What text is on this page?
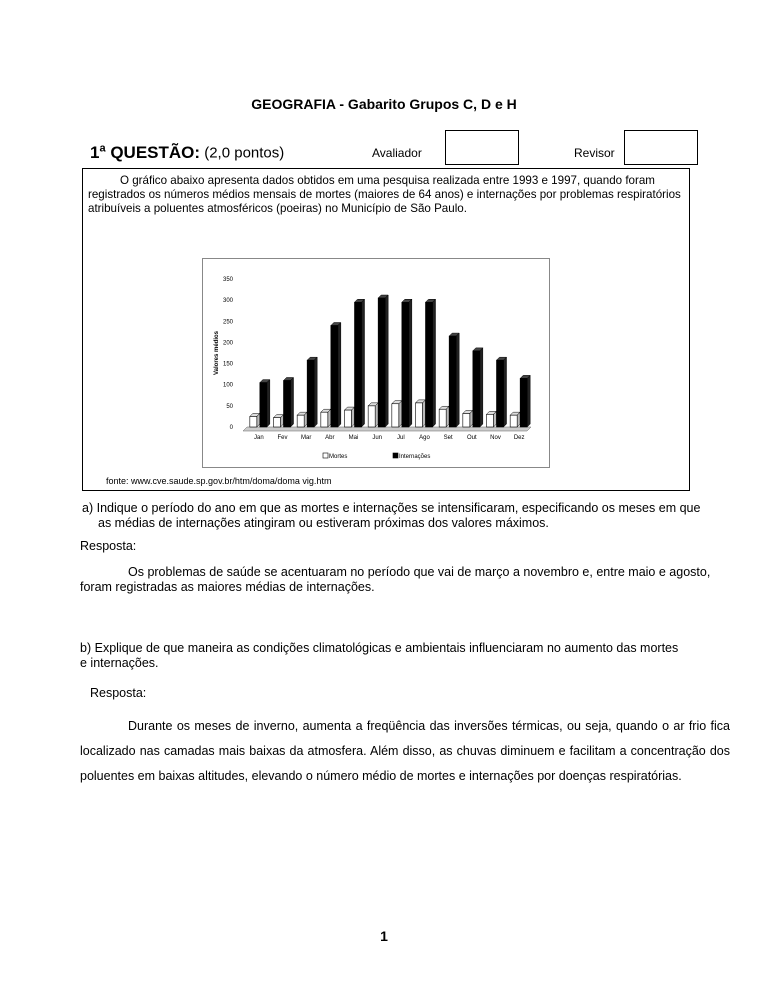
GEOGRAFIA - Gabarito Grupos C, D e H
1$^a$ QUESTÃO: (2,0 pontos)	Avaliador	Revisor
O gráfico abaixo apresenta dados obtidos em uma pesquisa realizada entre 1993 e 1997, quando foram registrados os números médios mensais de mortes (maiores de 64 anos) e internações por problemas respiratórios atribuíveis a poluentes atmosféricos (poeiras) no Município de São Paulo.
0
50
100
150
200
250
300
350
Valores médios
Jan Fev Mar Abr Mai Jun Jul Ago Set Out Nov Dez
Mortes	Internações
fonte: www.cve.saude.sp.gov.br/htm/doma/doma vig.htm
a) Indique o período do ano em que as mortes e internações se intensificaram, especificando os meses em que
as médias de internações atingiram ou estiveram próximas dos valores máximos.
Resposta:
Os problemas de saúde se acentuaram no período que vai de março a novembro e, entre maio e agosto, foram registradas as maiores médias de internações.
b) Explique de que maneira as condições climatológicas e ambientais influenciaram no aumento das mortes
e internações.
Resposta:
Durante os meses de inverno, aumenta a freqüência das inversões térmicas, ou seja, quando o ar frio fica localizado nas camadas mais baixas da atmosfera. Além disso, as chuvas diminuem e facilitam a concentração dos poluentes em baixas altitudes, elevando o número médio de mortes e internações por doenças respiratórias.
1
